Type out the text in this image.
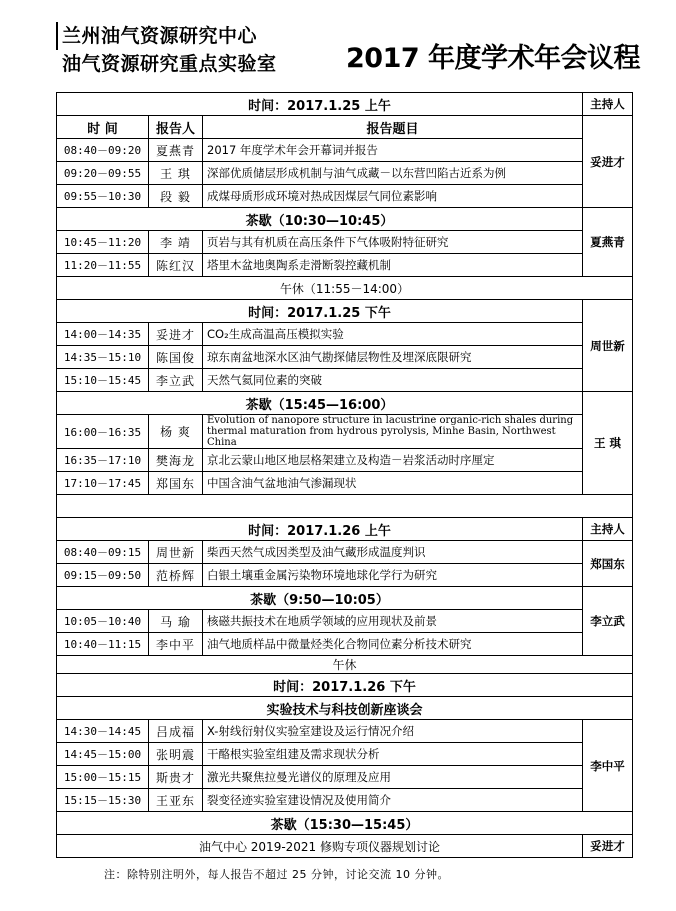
兰州油气资源研究中心
油气资源研究重点实验室	2017 年度学术年会议程
时间：2017.1.25 上午			主持人
时 间	报告人	报告题目	妥进才
08:40－09:20	夏燕青	2017 年度学术年会开幕词并报告	
09:20－09:55	王 琪	深部优质储层形成机制与油气成藏－以东营凹陷古近系为例	
09:55－10:30	段 毅	成煤母质形成环境对热成因煤层气同位素影响	
茶歇（10:30—10:45）			夏燕青
10:45－11:20	李 靖	页岩与其有机质在高压条件下气体吸附特征研究	
11:20－11:55	陈红汉	塔里木盆地奥陶系走滑断裂控藏机制	
午休（11:55－14:00）			
时间：2017.1.25 下午			周世新
14:00－14:35	妥进才	CO₂生成高温高压模拟实验	
14:35－15:10	陈国俊	琼东南盆地深水区油气勘探储层物性及埋深底限研究	
15:10－15:45	李立武	天然气氦同位素的突破	
茶歇（15:45—16:00）			王 琪
16:00－16:35	杨 爽	Evolution of nanopore structure in lacustrine organic-rich shales during thermal maturation from hydrous pyrolysis, Minhe Basin, Northwest China	
16:35－17:10	樊海龙	京北云蒙山地区地层格架建立及构造－岩浆活动时序厘定	
17:10－17:45	郑国东	中国含油气盆地油气渗漏现状	

时间：2017.1.26 上午			主持人
08:40－09:15	周世新	柴西天然气成因类型及油气藏形成温度判识	郑国东
09:15－09:50	范桥辉	白银土壤重金属污染物环境地球化学行为研究	
茶歇（9:50—10:05）			李立武
10:05－10:40	马 瑜	核磁共振技术在地质学领域的应用现状及前景	
10:40－11:15	李中平	油气地质样品中微量烃类化合物同位素分析技术研究	
午休			
时间：2017.1.26 下午			
实验技术与科技创新座谈会			
14:30－14:45	吕成福	X-射线衍射仪实验室建设及运行情况介绍	李中平
14:45－15:00	张明震	干酪根实验室组建及需求现状分析	
15:00－15:15	斯贵才	激光共聚焦拉曼光谱仪的原理及应用	
15:15－15:30	王亚东	裂变径迹实验室建设情况及使用简介	
茶歇（15:30—15:45）			
油气中心 2019-2021 修购专项仪器规划讨论			妥进才
注：除特别注明外，每人报告不超过 25 分钟，讨论交流 10 分钟。
